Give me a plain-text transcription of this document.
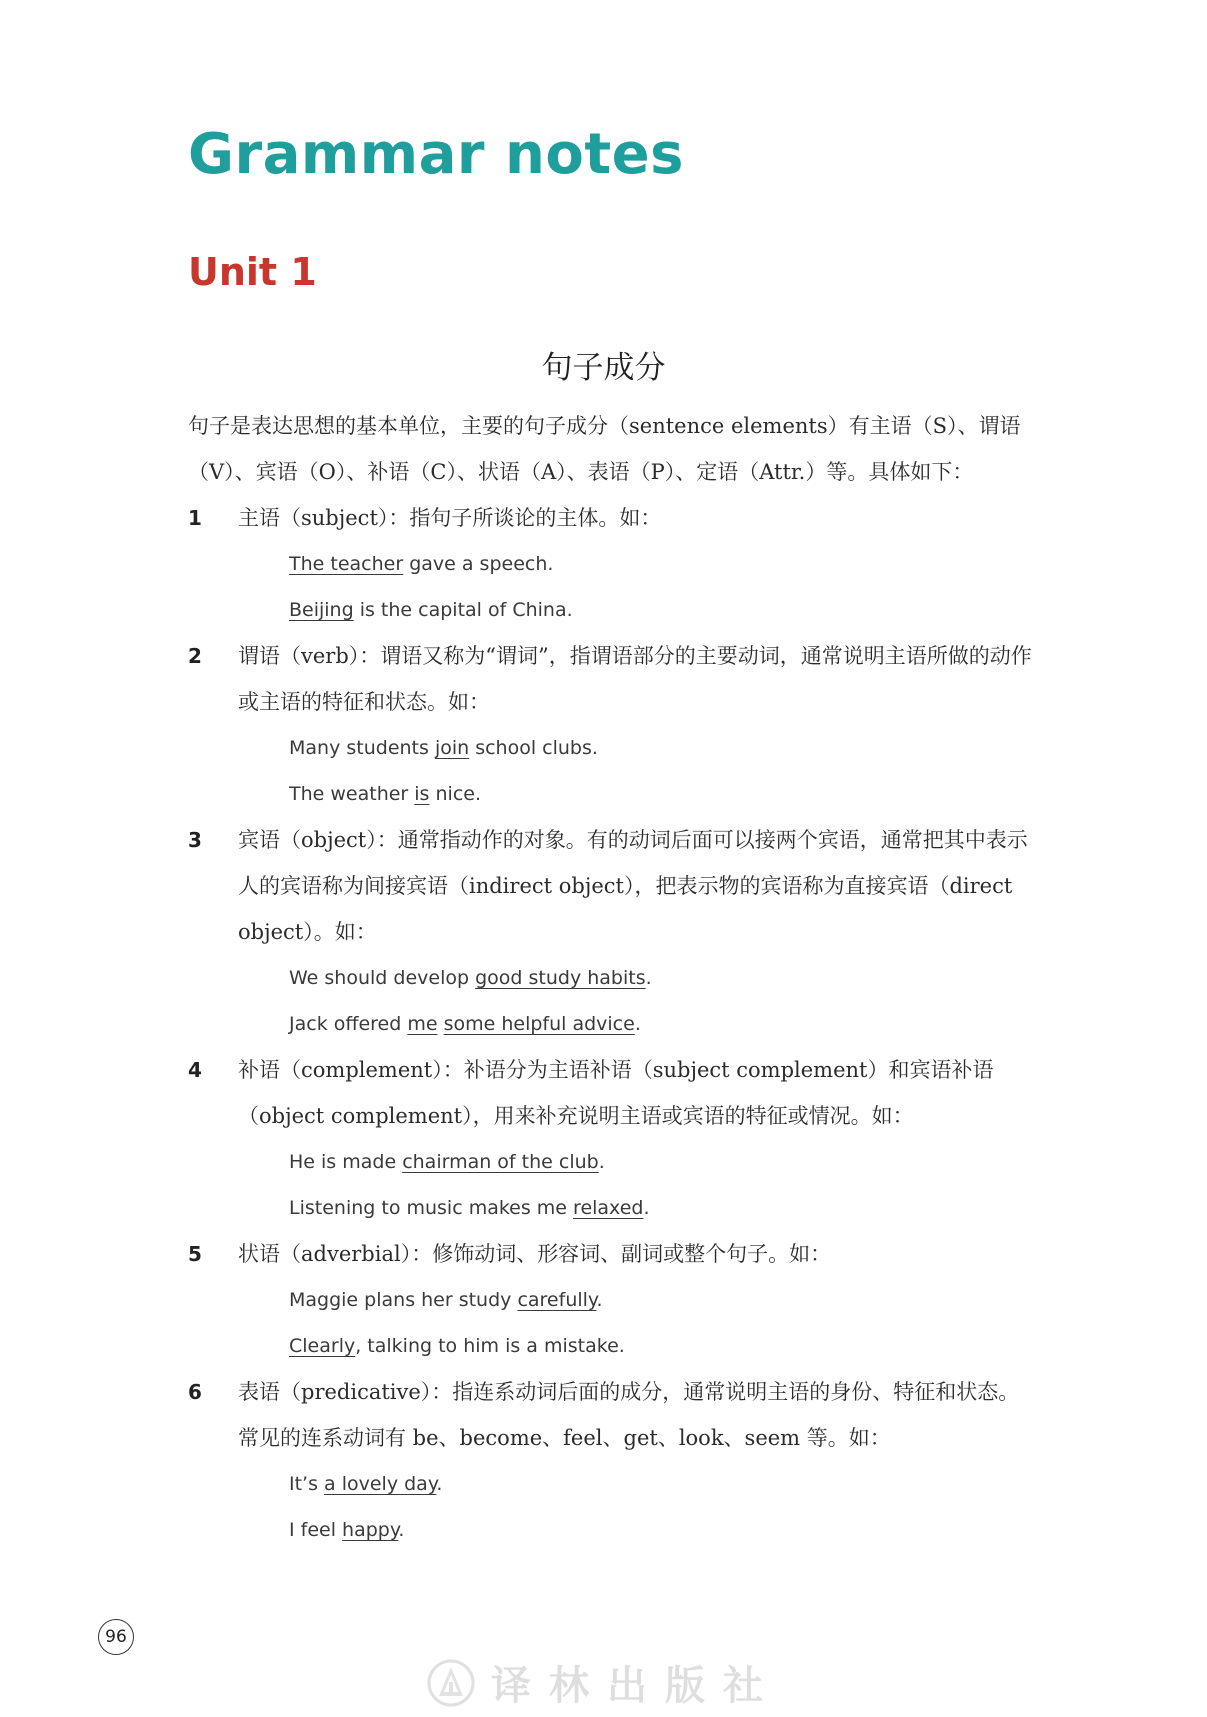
Grammar notes
Unit 1
句子成分

句子是表达思想的基本单位，主要的句子成分（sentence elements）有主语（S）、谓语（V）、宾语（O）、补语（C）、状语（A）、表语（P）、定语（Attr.）等。具体如下：

1 主语（subject）：指句子所谈论的主体。如：

The teacher gave a speech.
Beijing is the capital of China.
2 谓语（verb）：谓语又称为“谓词”，指谓语部分的主要动词，通常说明主语所做的动作或主语的特征和状态。如：

Many students join school clubs.
The weather is nice.
3 宾语（object）：通常指动作的对象。有的动词后面可以接两个宾语，通常把其中表示人的宾语称为间接宾语（indirect object），把表示物的宾语称为直接宾语（direct object）。如：

We should develop good study habits.
Jack offered me some helpful advice.
4 补语（complement）：补语分为主语补语（subject complement）和宾语补语（object complement），用来补充说明主语或宾语的特征或情况。如：

He is made chairman of the club.
Listening to music makes me relaxed.
5 状语（adverbial）：修饰动词、形容词、副词或整个句子。如：

Maggie plans her study carefully.
Clearly, talking to him is a mistake.
6 表语（predicative）：指连系动词后面的成分，通常说明主语的身份、特征和状态。常见的连系动词有 be、become、feel、get、look、seem 等。如：

It’s a lovely day.
I feel happy.
96
译林出版社
